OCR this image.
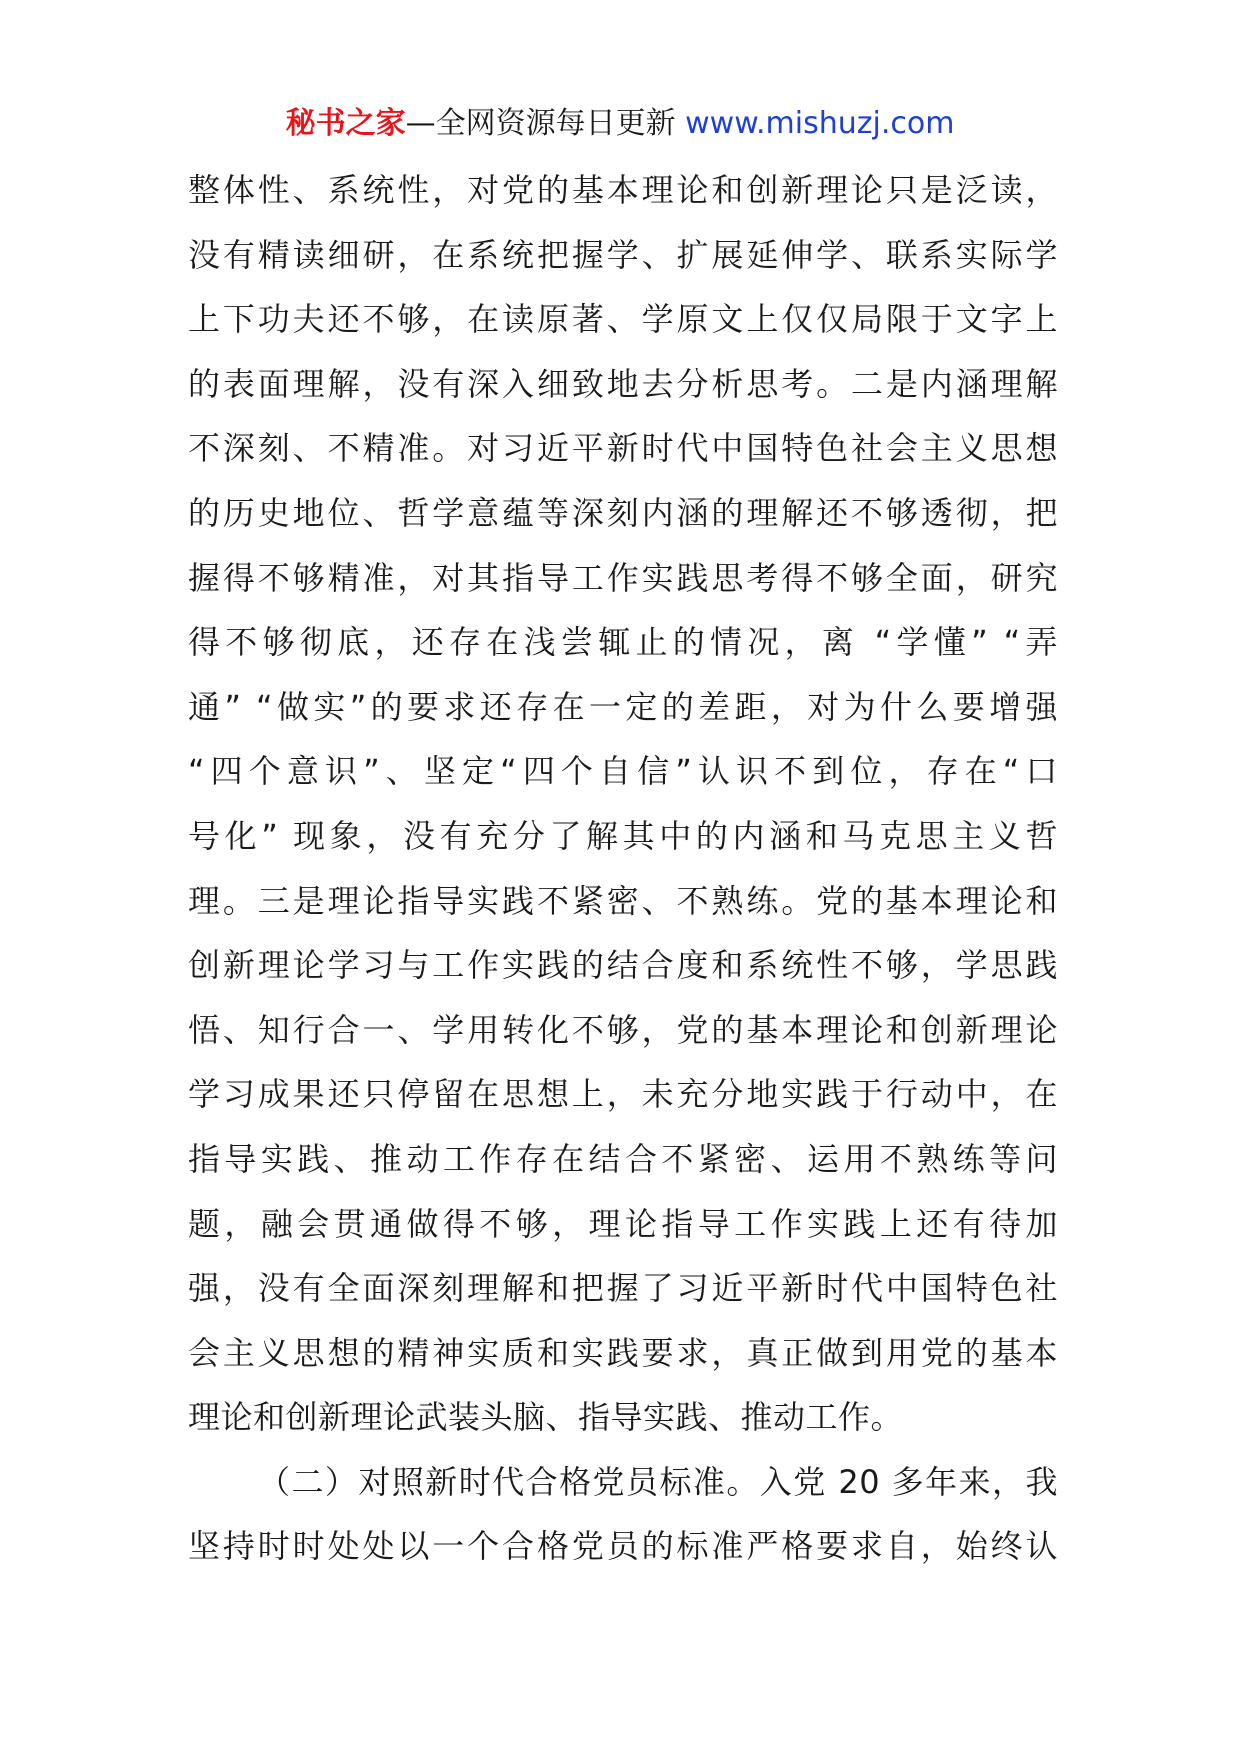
秘书之家—全网资源每日更新 www.mishuzj.com
整体性、系统性，对党的基本理论和创新理论只是泛读，
没有精读细研，在系统把握学、扩展延伸学、联系实际学
上下功夫还不够，在读原著、学原文上仅仅局限于文字上
的表面理解，没有深入细致地去分析思考。二是内涵理解
不深刻、不精准。对习近平新时代中国特色社会主义思想
的历史地位、哲学意蕴等深刻内涵的理解还不够透彻，把
握得不够精准，对其指导工作实践思考得不够全面，研究
得不够彻底，还存在浅尝辄止的情况，离 “学懂” “弄
通” “做实”的要求还存在一定的差距，对为什么要增强
“四个意识”、坚定“四个自信”认识不到位，存在“口
号化” 现象，没有充分了解其中的内涵和马克思主义哲
理。三是理论指导实践不紧密、不熟练。党的基本理论和
创新理论学习与工作实践的结合度和系统性不够，学思践
悟、知行合一、学用转化不够，党的基本理论和创新理论
学习成果还只停留在思想上，未充分地实践于行动中，在
指导实践、推动工作存在结合不紧密、运用不熟练等问
题，融会贯通做得不够，理论指导工作实践上还有待加
强，没有全面深刻理解和把握了习近平新时代中国特色社
会主义思想的精神实质和实践要求，真正做到用党的基本
理论和创新理论武装头脑、指导实践、推动工作。
（二）对照新时代合格党员标准。入党 20 多年来，我
坚持时时处处以一个合格党员的标准严格要求自，始终认
